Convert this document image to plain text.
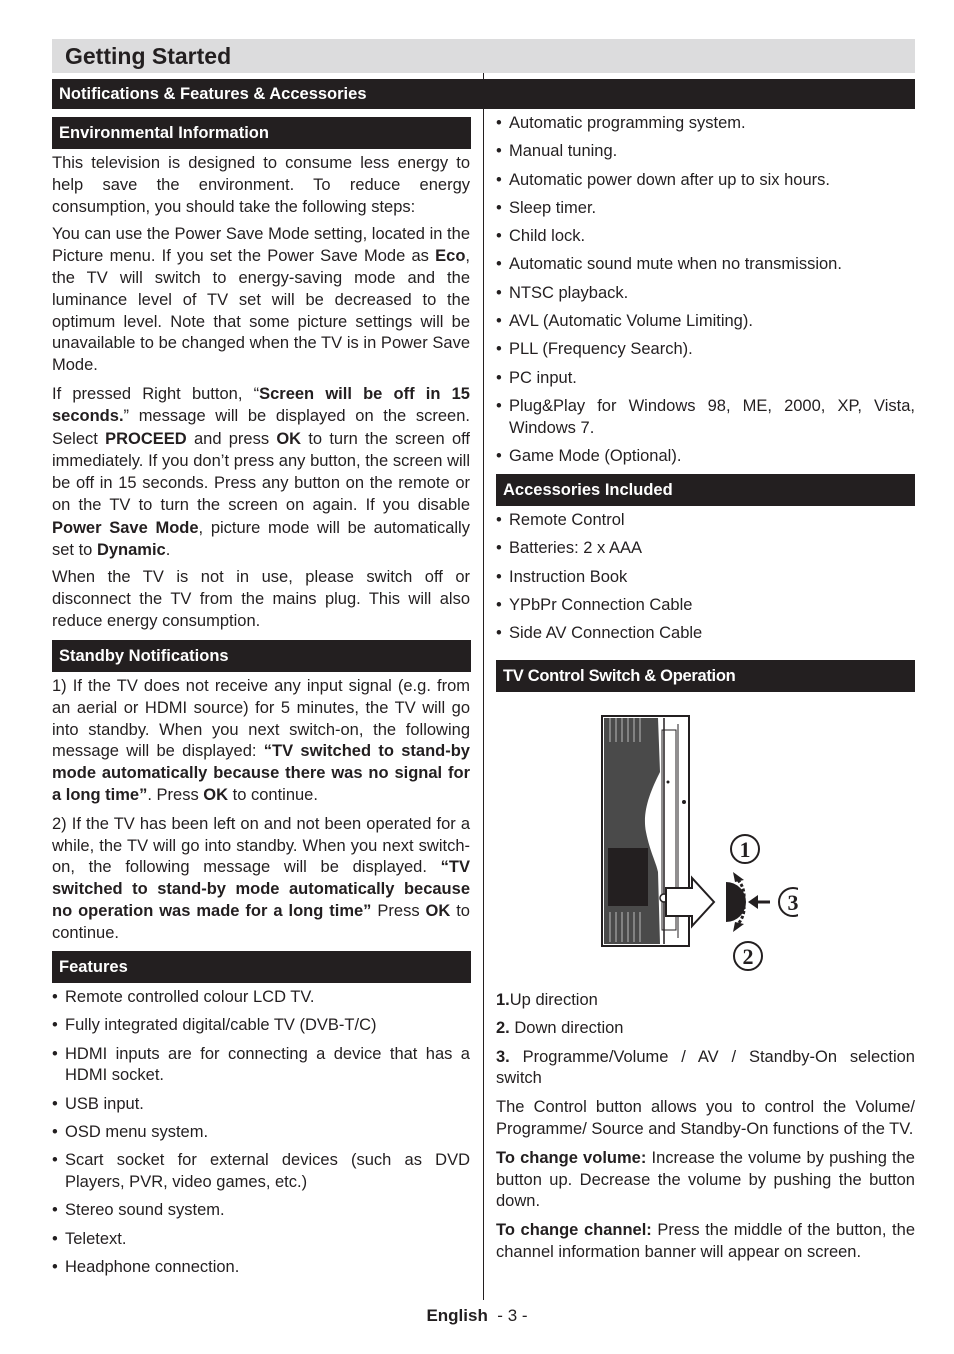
Getting Started
Notifications & Features & Accessories
Environmental Information

This television is designed to consume less energy to help save the environment. To reduce energy consumption, you should take the following steps:

You can use the Power Save Mode setting, located in the Picture menu. If you set the Power Save Mode as Eco, the TV will switch to energy-saving mode and the luminance level of TV set will be decreased to the optimum level. Note that some picture settings will be unavailable to be changed when the TV is in Power Save Mode.

If pressed Right button, “Screen will be off in 15 seconds.” message will be displayed on the screen. Select PROCEED and press OK to turn the screen off immediately. If you don’t press any button, the screen will be off in 15 seconds. Press any button on the remote or on the TV to turn the screen on again. If you disable Power Save Mode, picture mode will be automatically set to Dynamic.

When the TV is not in use, please switch off or disconnect the TV from the mains plug. This will also reduce energy consumption.

Standby Notifications

1) If the TV does not receive any input signal (e.g. from an aerial or HDMI source) for 5 minutes, the TV will go into standby. When you next switch-on, the following message will be displayed: “TV switched to stand-by mode automatically because there was no signal for a long time”. Press OK to continue.

2) If the TV has been left on and not been operated for a while, the TV will go into standby. When you next switch-on, the following message will be displayed. “TV switched to stand-by mode automatically because no operation was made for a long time” Press OK to continue.

Features
• Remote controlled colour LCD TV.
• Fully integrated digital/cable TV (DVB-T/C)
• HDMI inputs are for connecting a device that has a HDMI socket.
• USB input.
• OSD menu system.
• Scart socket for external devices (such as DVD Players, PVR, video games, etc.)
• Stereo sound system.
• Teletext.
• Headphone connection.
• Automatic programming system.
• Manual tuning.
• Automatic power down after up to six hours.
• Sleep timer.
• Child lock.
• Automatic sound mute when no transmission.
• NTSC playback.
• AVL (Automatic Volume Limiting).
• PLL (Frequency Search).
• PC input.
• Plug&Play for Windows 98, ME, 2000, XP, Vista, Windows 7.
• Game Mode (Optional).
Accessories Included
• Remote Control
• Batteries: 2 x AAA
• Instruction Book
• YPbPr Connection Cable
• Side AV Connection Cable
TV Control Switch & Operation
1
3
2

1.Up direction

2. Down direction

3. Programme/Volume / AV / Standby-On selection switch

The Control button allows you to control the Volume/ Programme/ Source and Standby-On functions of the TV.

To change volume: Increase the volume by pushing the button up. Decrease the volume by pushing the button down.

To change channel: Press the middle of the button, the channel information banner will appear on screen.

English  - 3 -
